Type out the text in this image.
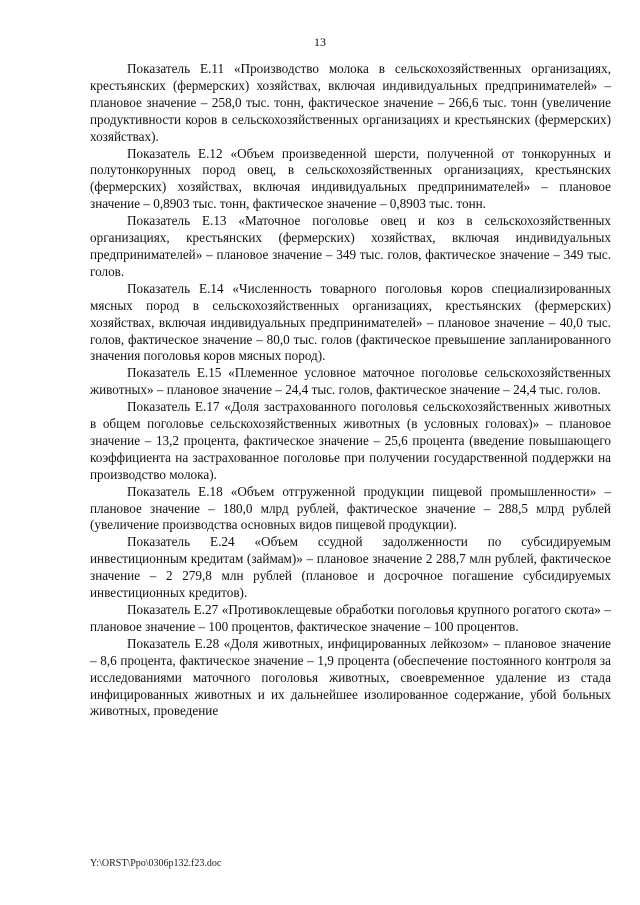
13

Показатель Е.11 «Производство молока в сельскохозяйственных организациях, крестьянских (фермерских) хозяйствах, включая индивидуальных предпринимателей» – плановое значение – 258,0 тыс. тонн, фактическое значение – 266,6 тыс. тонн (увеличение продуктивности коров в сельскохозяйственных организациях и крестьянских (фермерских) хозяйствах).

Показатель Е.12 «Объем произведенной шерсти, полученной от тонкорунных и полутонкорунных пород овец, в сельскохозяйственных организациях, крестьянских (фермерских) хозяйствах, включая индивидуальных предпринимателей» – плановое значение – 0,8903 тыс. тонн, фактическое значение – 0,8903 тыс. тонн.

Показатель Е.13 «Маточное поголовье овец и коз в сельскохозяйственных организациях, крестьянских (фермерских) хозяйствах, включая индивидуальных предпринимателей» – плановое значение – 349 тыс. голов, фактическое значение – 349 тыс. голов.

Показатель Е.14 «Численность товарного поголовья коров специализированных мясных пород в сельскохозяйственных организациях, крестьянских (фермерских) хозяйствах, включая индивидуальных предпринимателей» – плановое значение – 40,0 тыс. голов, фактическое значение – 80,0 тыс. голов (фактическое превышение запланированного значения поголовья коров мясных пород).

Показатель Е.15 «Племенное условное маточное поголовье сельскохозяйственных животных» – плановое значение – 24,4 тыс. голов, фактическое значение – 24,4 тыс. голов.

Показатель Е.17 «Доля застрахованного поголовья сельскохозяйственных животных в общем поголовье сельскохозяйственных животных (в условных головах)» – плановое значение – 13,2 процента, фактическое значение – 25,6 процента (введение повышающего коэффициента на застрахованное поголовье при получении государственной поддержки на производство молока).

Показатель Е.18 «Объем отгруженной продукции пищевой промышленности» – плановое значение – 180,0 млрд рублей, фактическое значение – 288,5 млрд рублей (увеличение производства основных видов пищевой продукции).

Показатель Е.24 «Объем ссудной задолженности по субсидируемым инвестиционным кредитам (займам)» – плановое значение 2 288,7 млн рублей, фактическое значение – 2 279,8 млн рублей (плановое и досрочное погашение субсидируемых инвестиционных кредитов).

Показатель Е.27 «Противоклещевые обработки поголовья крупного рогатого скота» – плановое значение – 100 процентов, фактическое значение – 100 процентов.

Показатель Е.28 «Доля животных, инфицированных лейкозом» – плановое значение – 8,6 процента, фактическое значение – 1,9 процента (обеспечение постоянного контроля за исследованиями маточного поголовья животных, своевременное удаление из стада инфицированных животных и их дальнейшее изолированное содержание, убой больных животных, проведение

Y:\ORST\Ppo\0306p132.f23.doc
